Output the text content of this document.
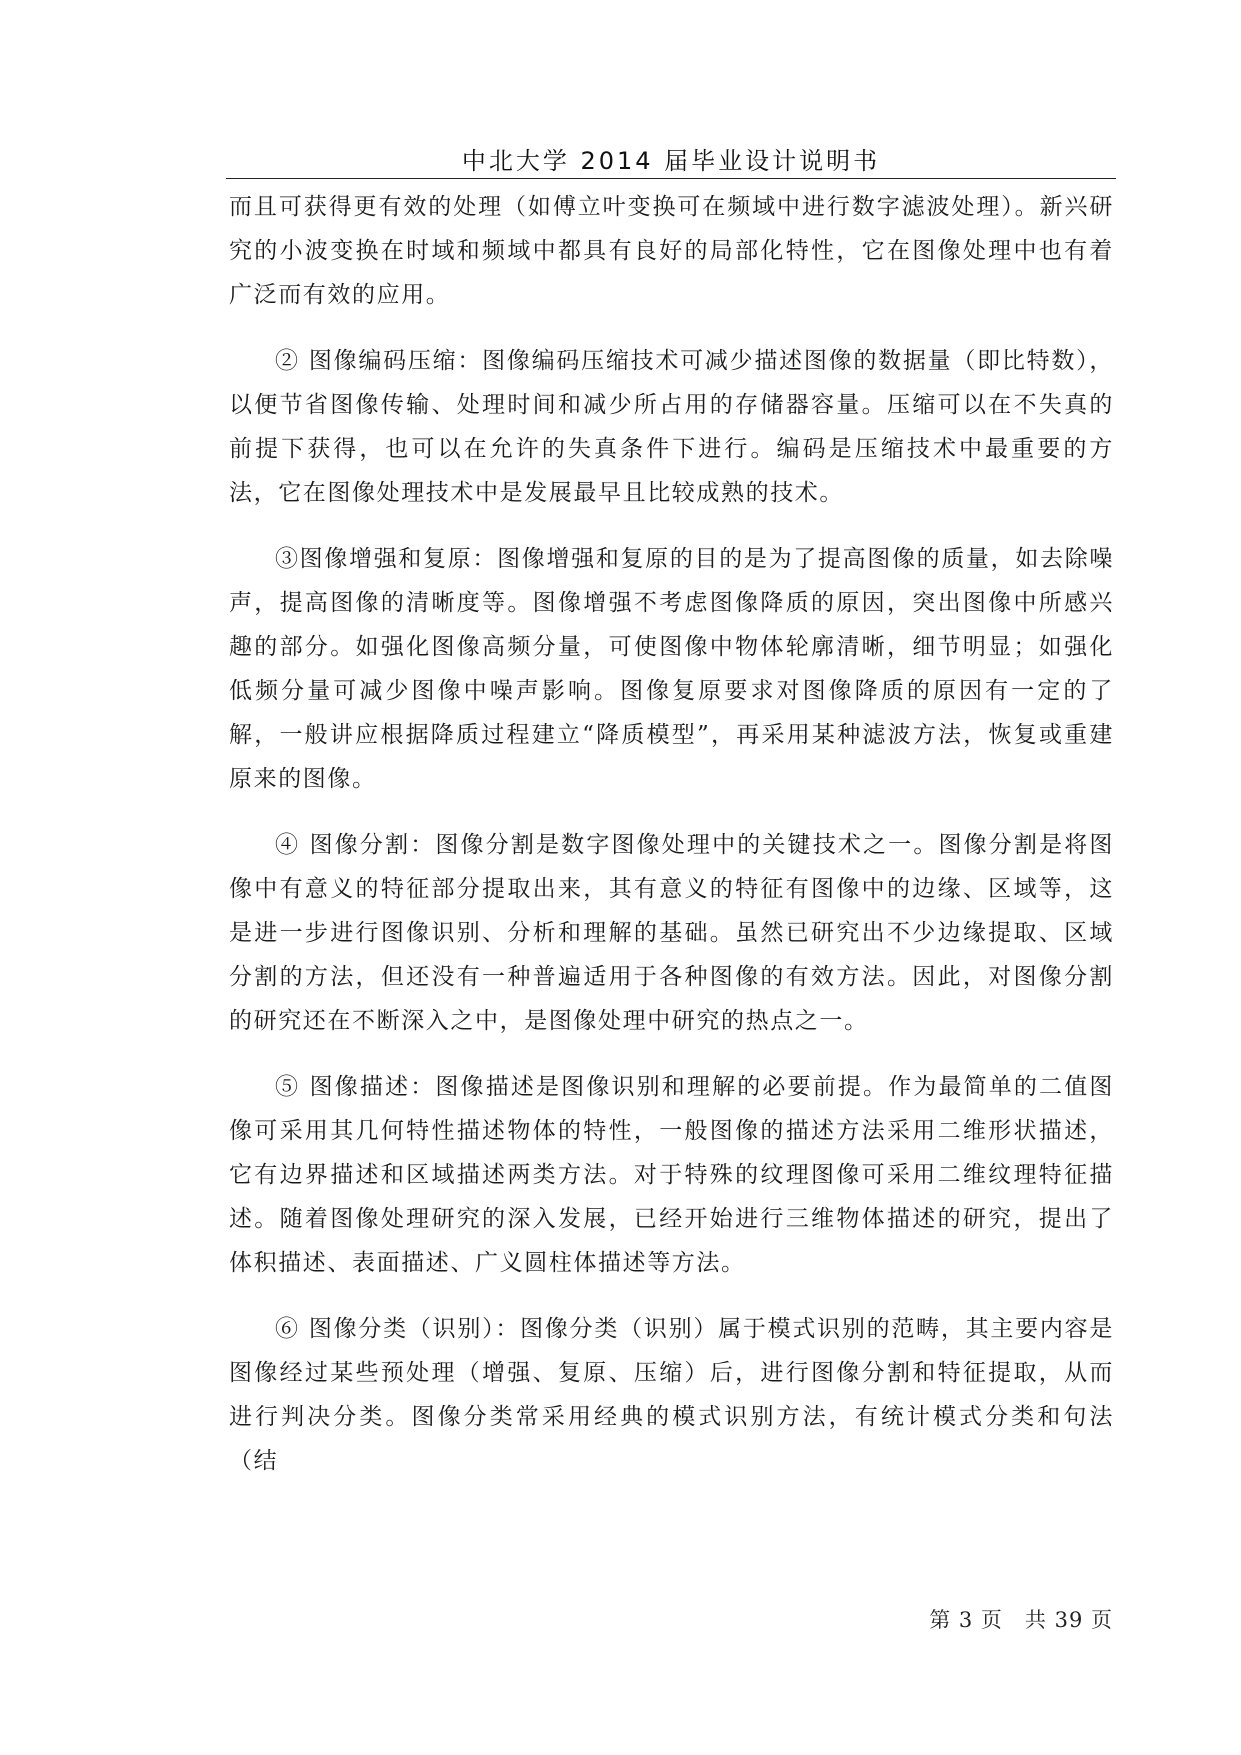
中北大学 2014 届毕业设计说明书

而且可获得更有效的处理（如傅立叶变换可在频域中进行数字滤波处理）。新兴研究的小波变换在时域和频域中都具有良好的局部化特性，它在图像处理中也有着广泛而有效的应用。

② 图像编码压缩：图像编码压缩技术可减少描述图像的数据量（即比特数），以便节省图像传输、处理时间和减少所占用的存储器容量。压缩可以在不失真的前提下获得，也可以在允许的失真条件下进行。编码是压缩技术中最重要的方法，它在图像处理技术中是发展最早且比较成熟的技术。

③图像增强和复原：图像增强和复原的目的是为了提高图像的质量，如去除噪声，提高图像的清晰度等。图像增强不考虑图像降质的原因，突出图像中所感兴趣的部分。如强化图像高频分量，可使图像中物体轮廓清晰，细节明显；如强化低频分量可减少图像中噪声影响。图像复原要求对图像降质的原因有一定的了解，一般讲应根据降质过程建立“降质模型”，再采用某种滤波方法，恢复或重建原来的图像。

④ 图像分割：图像分割是数字图像处理中的关键技术之一。图像分割是将图像中有意义的特征部分提取出来，其有意义的特征有图像中的边缘、区域等，这是进一步进行图像识别、分析和理解的基础。虽然已研究出不少边缘提取、区域分割的方法，但还没有一种普遍适用于各种图像的有效方法。因此，对图像分割的研究还在不断深入之中，是图像处理中研究的热点之一。

⑤ 图像描述：图像描述是图像识别和理解的必要前提。作为最简单的二值图像可采用其几何特性描述物体的特性，一般图像的描述方法采用二维形状描述，它有边界描述和区域描述两类方法。对于特殊的纹理图像可采用二维纹理特征描述。随着图像处理研究的深入发展，已经开始进行三维物体描述的研究，提出了体积描述、表面描述、广义圆柱体描述等方法。

⑥ 图像分类（识别）：图像分类（识别）属于模式识别的范畴，其主要内容是图像经过某些预处理（增强、复原、压缩）后，进行图像分割和特征提取，从而进行判决分类。图像分类常采用经典的模式识别方法，有统计模式分类和句法（结

第 3 页　共 39 页
